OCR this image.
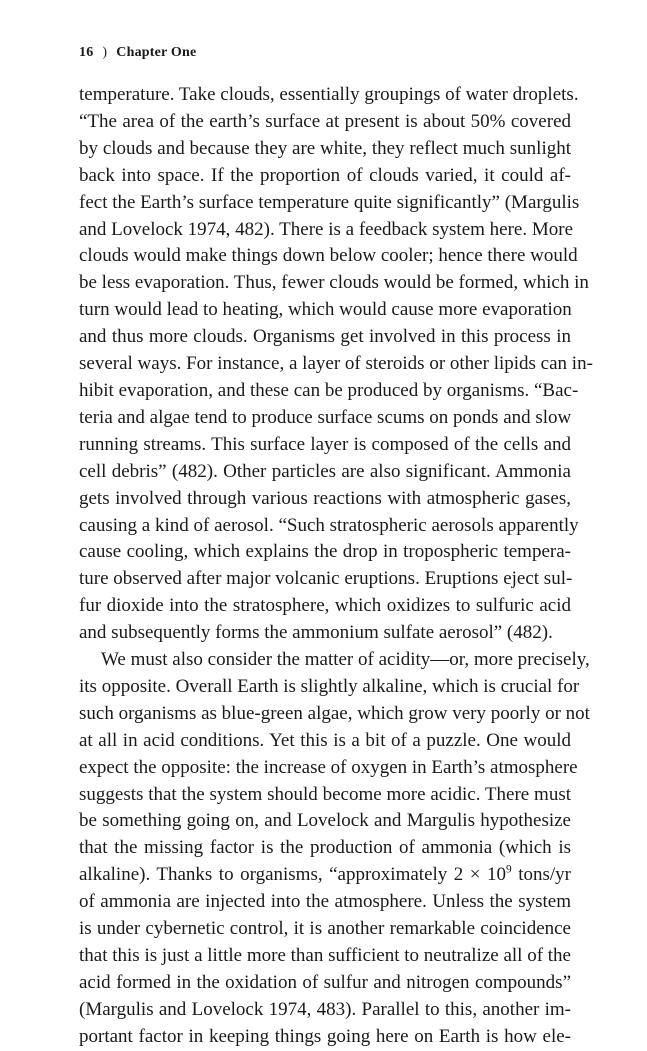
16 ) Chapter One
temperature. Take clouds, essentially groupings of water droplets.
“The area of the earth’s surface at present is about 50% covered
by clouds and because they are white, they reflect much sunlight
back into space. If the proportion of clouds varied, it could af-
fect the Earth’s surface temperature quite significantly” (Margulis
and Lovelock 1974, 482). There is a feedback system here. More
clouds would make things down below cooler; hence there would
be less evaporation. Thus, fewer clouds would be formed, which in
turn would lead to heating, which would cause more evaporation
and thus more clouds. Organisms get involved in this process in
several ways. For instance, a layer of steroids or other lipids can in-
hibit evaporation, and these can be produced by organisms. “Bac-
teria and algae tend to produce surface scums on ponds and slow
running streams. This surface layer is composed of the cells and
cell debris” (482). Other particles are also significant. Ammonia
gets involved through various reactions with atmospheric gases,
causing a kind of aerosol. “Such stratospheric aerosols apparently
cause cooling, which explains the drop in tropospheric tempera-
ture observed after major volcanic eruptions. Eruptions eject sul-
fur dioxide into the stratosphere, which oxidizes to sulfuric acid
and subsequently forms the ammonium sulfate aerosol” (482).
We must also consider the matter of acidity—or, more precisely,
its opposite. Overall Earth is slightly alkaline, which is crucial for
such organisms as blue-green algae, which grow very poorly or not
at all in acid conditions. Yet this is a bit of a puzzle. One would
expect the opposite: the increase of oxygen in Earth’s atmosphere
suggests that the system should become more acidic. There must
be something going on, and Lovelock and Margulis hypothesize
that the missing factor is the production of ammonia (which is
alkaline). Thanks to organisms, “approximately $2 \times 10^9$ tons/yr
of ammonia are injected into the atmosphere. Unless the system
is under cybernetic control, it is another remarkable coincidence
that this is just a little more than sufficient to neutralize all of the
acid formed in the oxidation of sulfur and nitrogen compounds”
(Margulis and Lovelock 1974, 483). Parallel to this, another im-
portant factor in keeping things going here on Earth is how ele-
